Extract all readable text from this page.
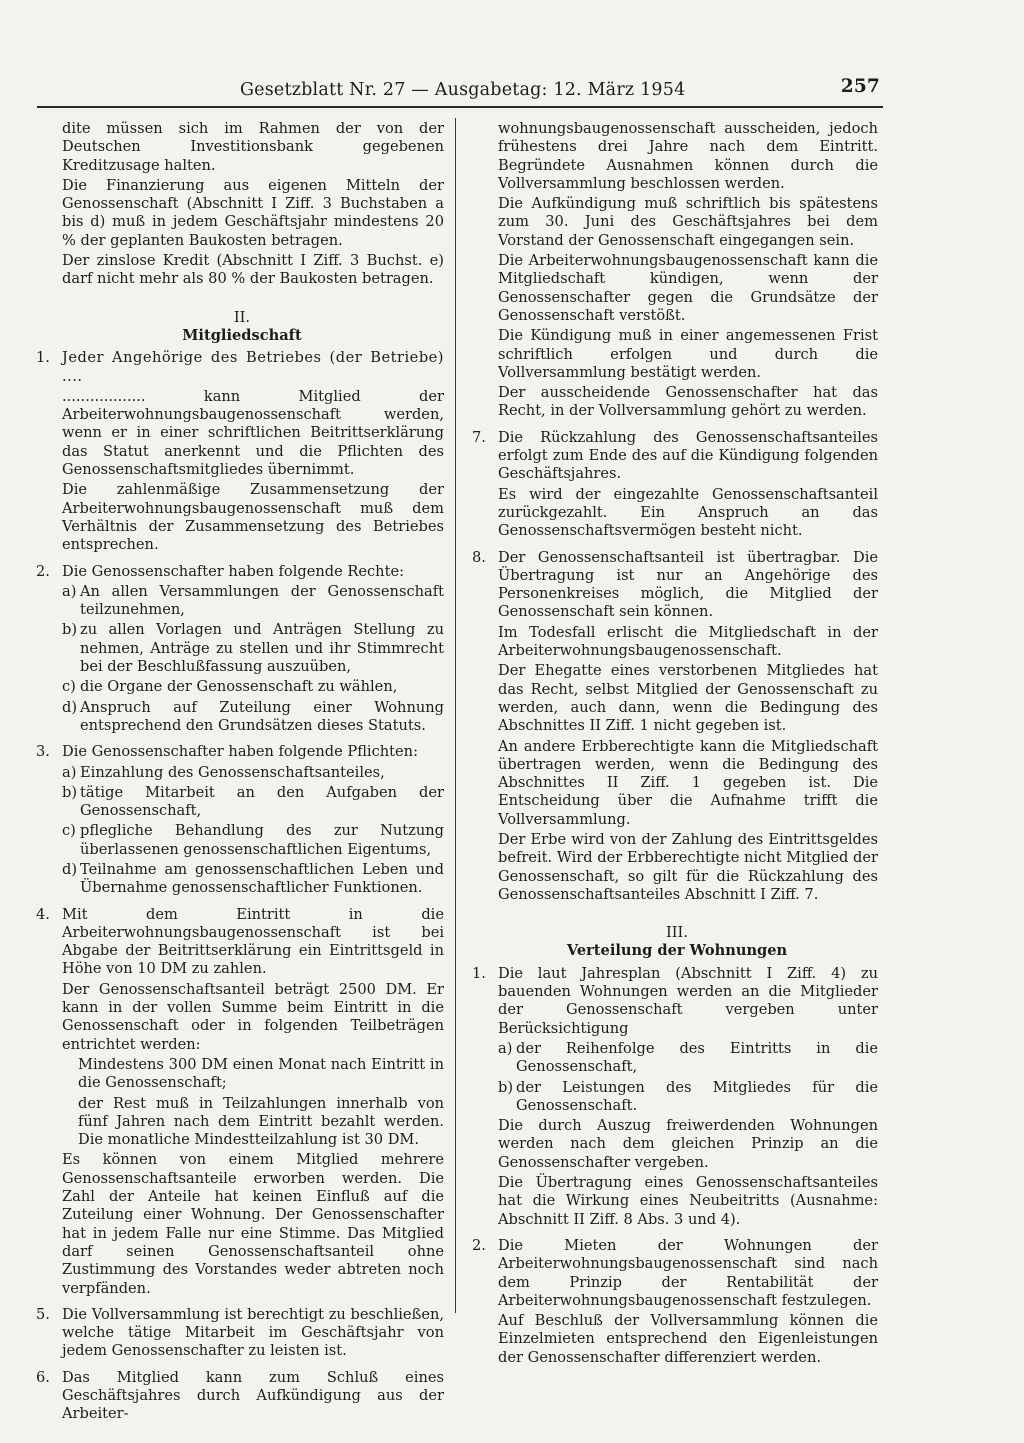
Gesetzblatt Nr. 27 — Ausgabetag: 12. März 1954	257

dite müssen sich im Rahmen der von der Deutschen Investitionsbank gegebenen Kreditzusage halten.

Die Finanzierung aus eigenen Mitteln der Genossenschaft (Abschnitt I Ziff. 3 Buchstaben a bis d) muß in jedem Geschäftsjahr mindestens 20 % der geplanten Baukosten betragen.

Der zinslose Kredit (Abschnitt I Ziff. 3 Buchst. e) darf nicht mehr als 80 % der Baukosten betragen.

II.

Mitgliedschaft

1. Jeder Angehörige des Betriebes (der Betriebe) ....

.................. kann Mitglied der Arbeiterwohnungsbaugenossenschaft werden, wenn er in einer schriftlichen Beitrittserklärung das Statut anerkennt und die Pflichten des Genossenschaftsmitgliedes übernimmt.

Die zahlenmäßige Zusammensetzung der Arbeiterwohnungsbaugenossenschaft muß dem Verhältnis der Zusammensetzung des Betriebes entsprechen.

2. Die Genossenschafter haben folgende Rechte:

a) An allen Versammlungen der Genossenschaft teilzunehmen,
b) zu allen Vorlagen und Anträgen Stellung zu nehmen, Anträge zu stellen und ihr Stimmrecht bei der Beschlußfassung auszuüben,
c) die Organe der Genossenschaft zu wählen,
d) Anspruch auf Zuteilung einer Wohnung entsprechend den Grundsätzen dieses Statuts.
3. Die Genossenschafter haben folgende Pflichten:

a) Einzahlung des Genossenschaftsanteiles,
b) tätige Mitarbeit an den Aufgaben der Genossenschaft,
c) pflegliche Behandlung des zur Nutzung überlassenen genossenschaftlichen Eigentums,
d) Teilnahme am genossenschaftlichen Leben und Übernahme genossenschaftlicher Funktionen.
4. Mit dem Eintritt in die Arbeiterwohnungsbaugenossenschaft ist bei Abgabe der Beitrittserklärung ein Eintrittsgeld in Höhe von 10 DM zu zahlen.

Der Genossenschaftsanteil beträgt 2500 DM. Er kann in der vollen Summe beim Eintritt in die Genossenschaft oder in folgenden Teilbeträgen entrichtet werden:

Mindestens 300 DM einen Monat nach Eintritt in die Genossenschaft;

der Rest muß in Teilzahlungen innerhalb von fünf Jahren nach dem Eintritt bezahlt werden. Die monatliche Mindestteilzahlung ist 30 DM.

Es können von einem Mitglied mehrere Genossenschaftsanteile erworben werden. Die Zahl der Anteile hat keinen Einfluß auf die Zuteilung einer Wohnung. Der Genossenschafter hat in jedem Falle nur eine Stimme. Das Mitglied darf seinen Genossenschaftsanteil ohne Zustimmung des Vorstandes weder abtreten noch verpfänden.

5. Die Vollversammlung ist berechtigt zu beschließen, welche tätige Mitarbeit im Geschäftsjahr von jedem Genossenschafter zu leisten ist.

6. Das Mitglied kann zum Schluß eines Geschäftsjahres durch Aufkündigung aus der Arbeiter-

wohnungsbaugenossenschaft ausscheiden, jedoch frühestens drei Jahre nach dem Eintritt. Begründete Ausnahmen können durch die Vollversammlung beschlossen werden.

Die Aufkündigung muß schriftlich bis spätestens zum 30. Juni des Geschäftsjahres bei dem Vorstand der Genossenschaft eingegangen sein.

Die Arbeiterwohnungsbaugenossenschaft kann die Mitgliedschaft kündigen, wenn der Genossenschafter gegen die Grundsätze der Genossenschaft verstößt.

Die Kündigung muß in einer angemessenen Frist schriftlich erfolgen und durch die Vollversammlung bestätigt werden.

Der ausscheidende Genossenschafter hat das Recht, in der Vollversammlung gehört zu werden.

7. Die Rückzahlung des Genossenschaftsanteiles erfolgt zum Ende des auf die Kündigung folgenden Geschäftsjahres.

Es wird der eingezahlte Genossenschaftsanteil zurückgezahlt. Ein Anspruch an das Genossenschaftsvermögen besteht nicht.

8. Der Genossenschaftsanteil ist übertragbar. Die Übertragung ist nur an Angehörige des Personenkreises möglich, die Mitglied der Genossenschaft sein können.

Im Todesfall erlischt die Mitgliedschaft in der Arbeiterwohnungsbaugenossenschaft.

Der Ehegatte eines verstorbenen Mitgliedes hat das Recht, selbst Mitglied der Genossenschaft zu werden, auch dann, wenn die Bedingung des Abschnittes II Ziff. 1 nicht gegeben ist.

An andere Erbberechtigte kann die Mitgliedschaft übertragen werden, wenn die Bedingung des Abschnittes II Ziff. 1 gegeben ist. Die Entscheidung über die Aufnahme trifft die Vollversammlung.

Der Erbe wird von der Zahlung des Eintrittsgeldes befreit. Wird der Erbberechtigte nicht Mitglied der Genossenschaft, so gilt für die Rückzahlung des Genossenschaftsanteiles Abschnitt I Ziff. 7.

III.

Verteilung der Wohnungen

1. Die laut Jahresplan (Abschnitt I Ziff. 4) zu bauenden Wohnungen werden an die Mitglieder der Genossenschaft vergeben unter Berücksichtigung

a) der Reihenfolge des Eintritts in die Genossenschaft,
b) der Leistungen des Mitgliedes für die Genossenschaft.

Die durch Auszug freiwerdenden Wohnungen werden nach dem gleichen Prinzip an die Genossenschafter vergeben.

Die Übertragung eines Genossenschaftsanteiles hat die Wirkung eines Neubeitritts (Ausnahme: Abschnitt II Ziff. 8 Abs. 3 und 4).

2. Die Mieten der Wohnungen der Arbeiterwohnungsbaugenossenschaft sind nach dem Prinzip der Rentabilität der Arbeiterwohnungsbaugenossenschaft festzulegen.

Auf Beschluß der Vollversammlung können die Einzelmieten entsprechend den Eigenleistungen der Genossenschafter differenziert werden.
